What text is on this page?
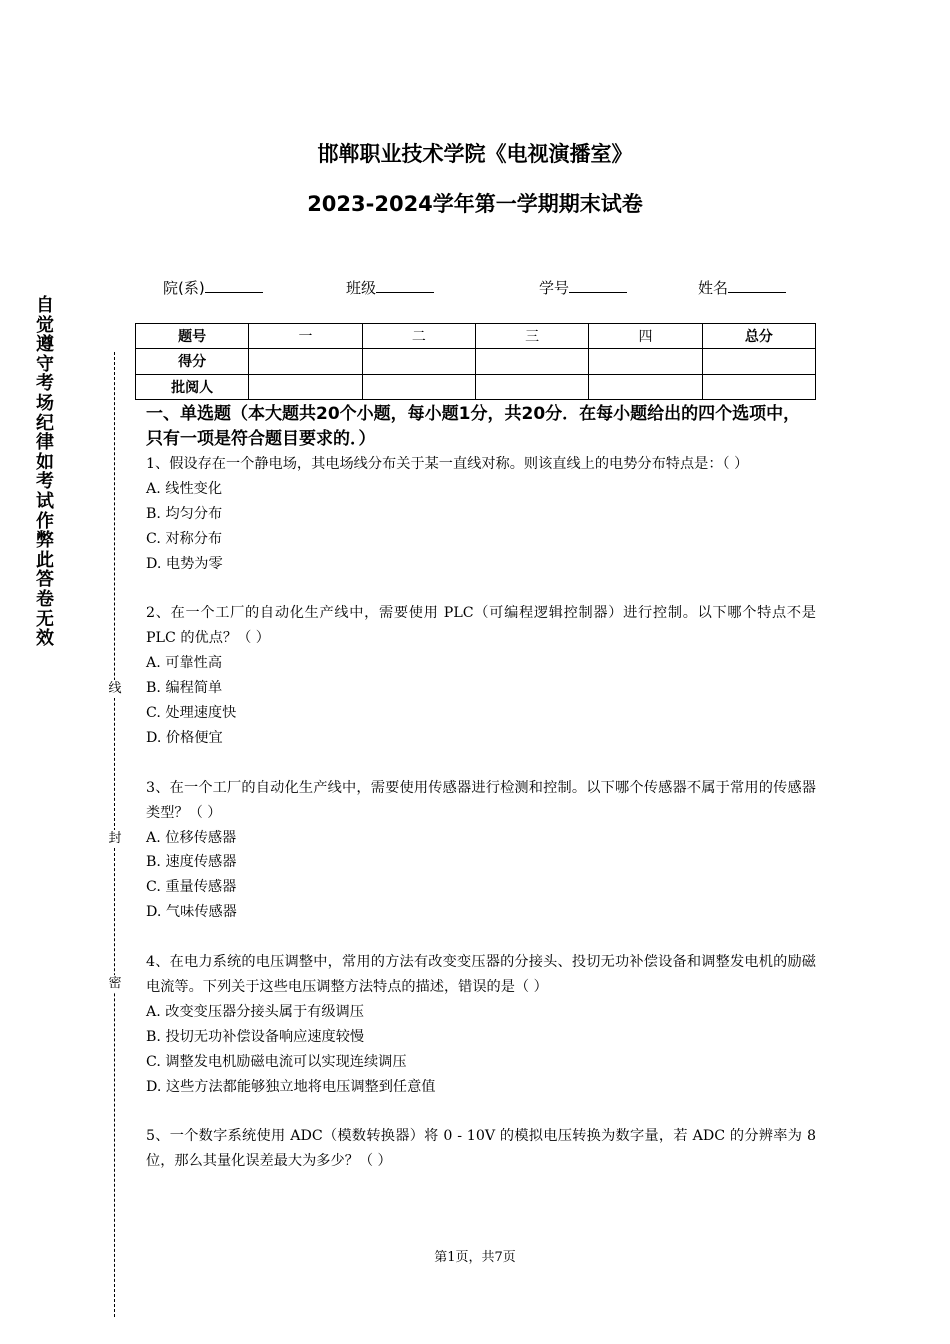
邯郸职业技术学院《电视演播室》
2023-2024学年第一学期期末试卷
自觉遵守考场纪律如考试作弊此答卷无效
线
封
密
院(系)	班级	学号	姓名
题号	一	二	三	四	总分
得分					
批阅人					
一、单选题（本大题共20个小题，每小题1分，共20分．在每小题给出的四个选项中，只有一项是符合题目要求的．）
1、假设存在一个静电场，其电场线分布关于某一直线对称。则该直线上的电势分布特点是：（ ）
A. 线性变化
B. 均匀分布
C. 对称分布
D. 电势为零
2、在一个工厂的自动化生产线中，需要使用 PLC（可编程逻辑控制器）进行控制。以下哪个特点不是 PLC 的优点？（ ）
A. 可靠性高
B. 编程简单
C. 处理速度快
D. 价格便宜
3、在一个工厂的自动化生产线中，需要使用传感器进行检测和控制。以下哪个传感器不属于常用的传感器类型？（ ）
A. 位移传感器
B. 速度传感器
C. 重量传感器
D. 气味传感器
4、在电力系统的电压调整中，常用的方法有改变变压器的分接头、投切无功补偿设备和调整发电机的励磁电流等。下列关于这些电压调整方法特点的描述，错误的是（ ）
A. 改变变压器分接头属于有级调压
B. 投切无功补偿设备响应速度较慢
C. 调整发电机励磁电流可以实现连续调压
D. 这些方法都能够独立地将电压调整到任意值
5、一个数字系统使用 ADC（模数转换器）将 0 - 10V 的模拟电压转换为数字量，若 ADC 的分辨率为 8 位，那么其量化误差最大为多少？（ ）
第1页，共7页
